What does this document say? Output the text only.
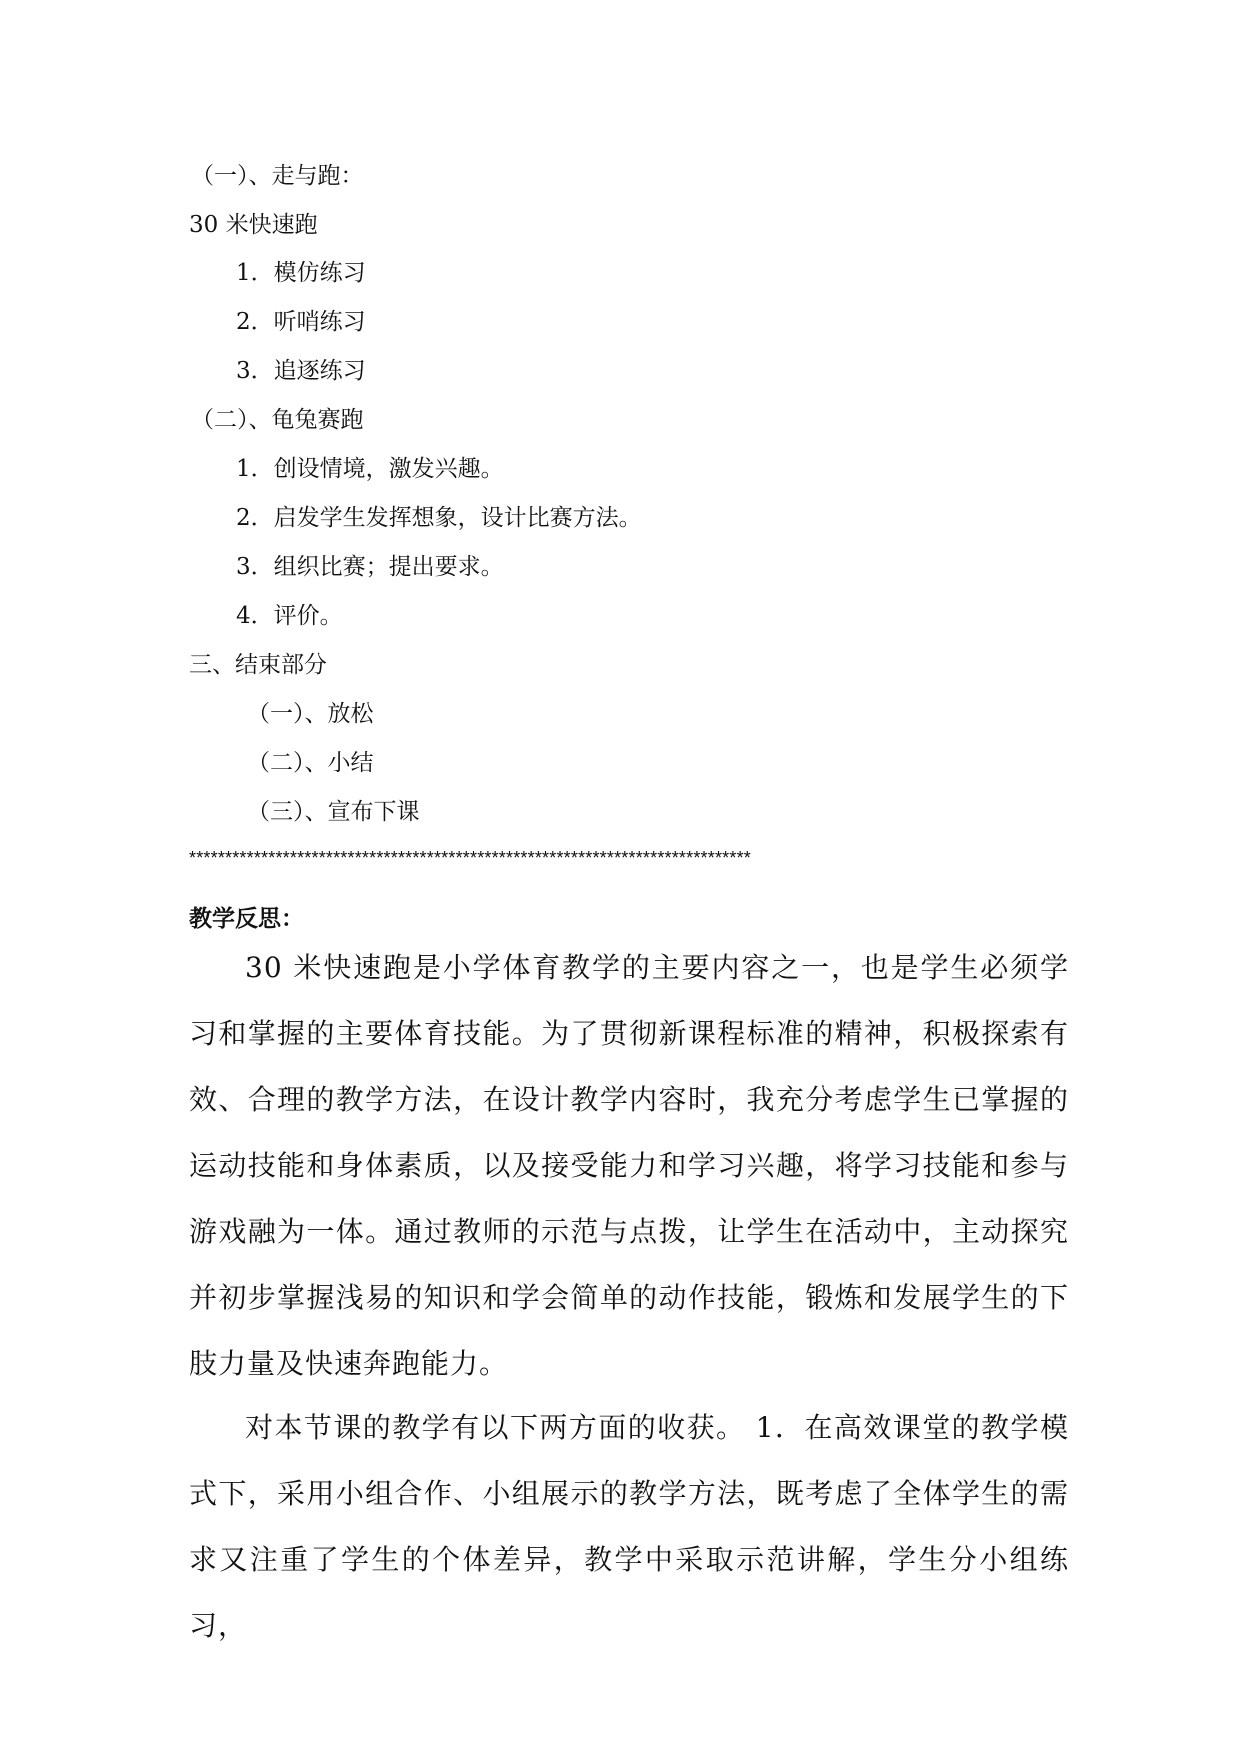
（一）、走与跑：
30 米快速跑
1．模仿练习
2．听哨练习
3．追逐练习
（二）、龟兔赛跑
1．创设情境，激发兴趣。
2．启发学生发挥想象，设计比赛方法。
3．组织比赛；提出要求。
4．评价。
三、结束部分
（一）、放松
（二）、小结
（三）、宣布下课
******************************************************************************
教学反思：
30 米快速跑是小学体育教学的主要内容之一，也是学生必须学习和掌握的主要体育技能。为了贯彻新课程标准的精神，积极探索有效、合理的教学方法，在设计教学内容时，我充分考虑学生已掌握的运动技能和身体素质，以及接受能力和学习兴趣，将学习技能和参与游戏融为一体。通过教师的示范与点拨，让学生在活动中，主动探究并初步掌握浅易的知识和学会简单的动作技能，锻炼和发展学生的下肢力量及快速奔跑能力。
对本节课的教学有以下两方面的收获。 1．在高效课堂的教学模式下，采用小组合作、小组展示的教学方法，既考虑了全体学生的需求又注重了学生的个体差异，教学中采取示范讲解，学生分小组练习，
